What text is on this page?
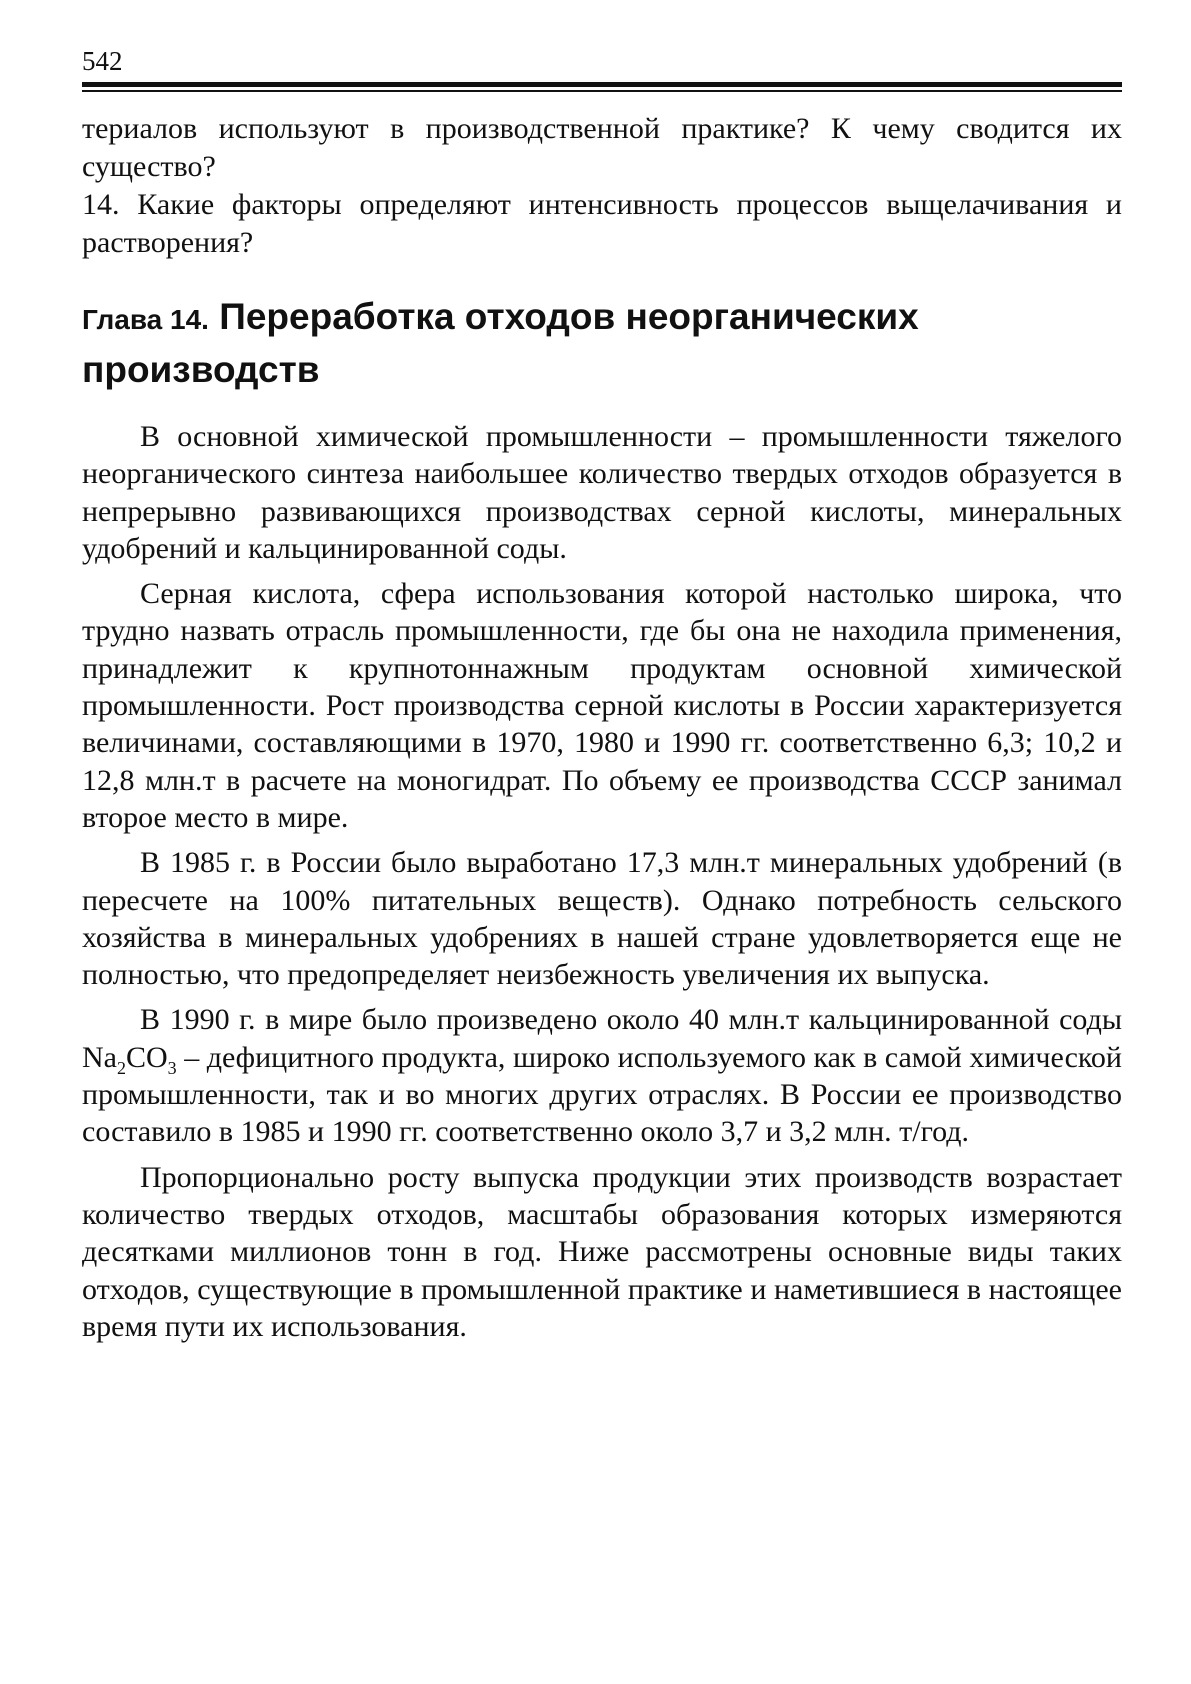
542

териалов используют в производственной практике? К чему сводится их существо?

14. Какие факторы определяют интенсивность процессов выщелачивания и растворения?

Глава 14. Переработка отходов неорганических производств

В основной химической промышленности – промышленности тяжелого неорганического синтеза наибольшее количество твердых отходов образуется в непрерывно развивающихся производствах серной кислоты, минеральных удобрений и кальцинированной соды.

Серная кислота, сфера использования которой настолько широка, что трудно назвать отрасль промышленности, где бы она не находила применения, принадлежит к крупнотоннажным продуктам основной химической промышленности. Рост производства серной кислоты в России характеризуется величинами, составляющими в 1970, 1980 и 1990 гг. соответственно 6,3; 10,2 и 12,8 млн.т в расчете на моногидрат. По объему ее производства СССР занимал второе место в мире.

В 1985 г. в России было выработано 17,3 млн.т минеральных удобрений (в пересчете на 100% питательных веществ). Однако потребность сельского хозяйства в минеральных удобрениях в нашей стране удовлетворяется еще не полностью, что предопределяет неизбежность увеличения их выпуска.

В 1990 г. в мире было произведено около 40 млн.т кальцинированной соды $Na_2CO_3$ – дефицитного продукта, широко используемого как в самой химической промышленности, так и во многих других отраслях. В России ее производство составило в 1985 и 1990 гг. соответственно около 3,7 и 3,2 млн. т/год.

Пропорционально росту выпуска продукции этих производств возрастает количество твердых отходов, масштабы образования которых измеряются десятками миллионов тонн в год. Ниже рассмотрены основные виды таких отходов, существующие в промышленной практике и наметившиеся в настоящее время пути их использования.
